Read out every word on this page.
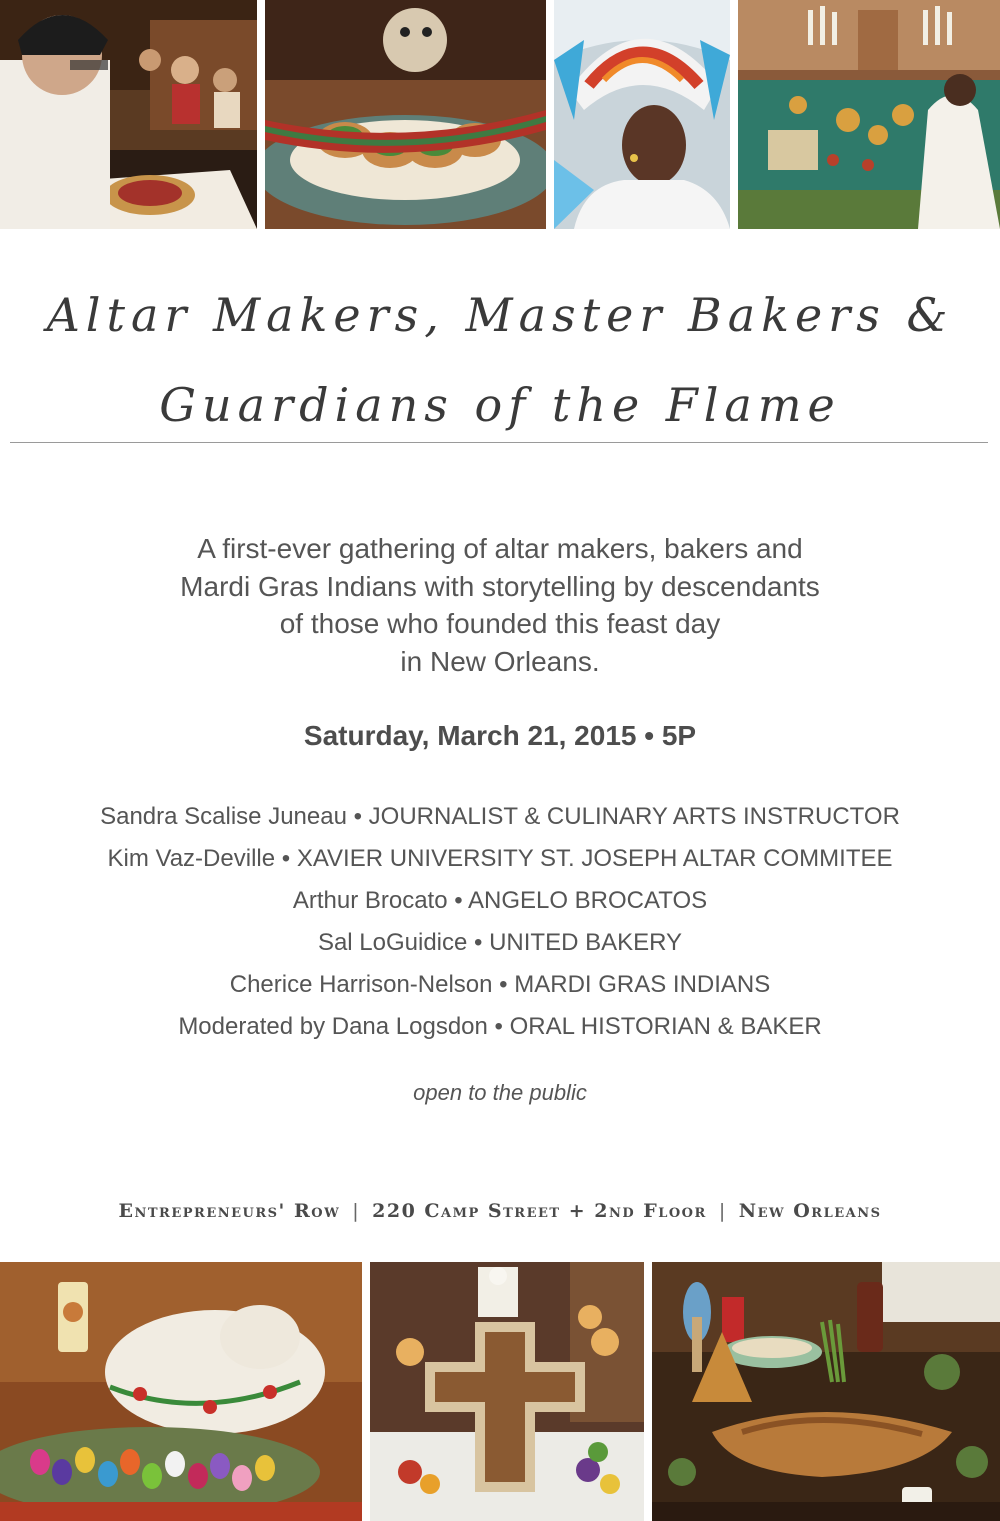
Altar Makers, Master Bakers &
Guardians of the Flame
A first-ever gathering of altar makers, bakers and
Mardi Gras Indians with storytelling by descendants
of those who founded this feast day
in New Orleans.
Saturday, March 21, 2015 • 5P
Sandra Scalise Juneau • JOURNALIST & CULINARY ARTS INSTRUCTOR
Kim Vaz-Deville • XAVIER UNIVERSITY ST. JOSEPH ALTAR COMMITEE
Arthur Brocato • ANGELO BROCATOS
Sal LoGuidice • UNITED BAKERY
Cherice Harrison-Nelson • MARDI GRAS INDIANS
Moderated by Dana Logsdon • ORAL HISTORIAN & BAKER
open to the public
Entrepreneurs' Row | 220 Camp Street + 2nd Floor | New Orleans
